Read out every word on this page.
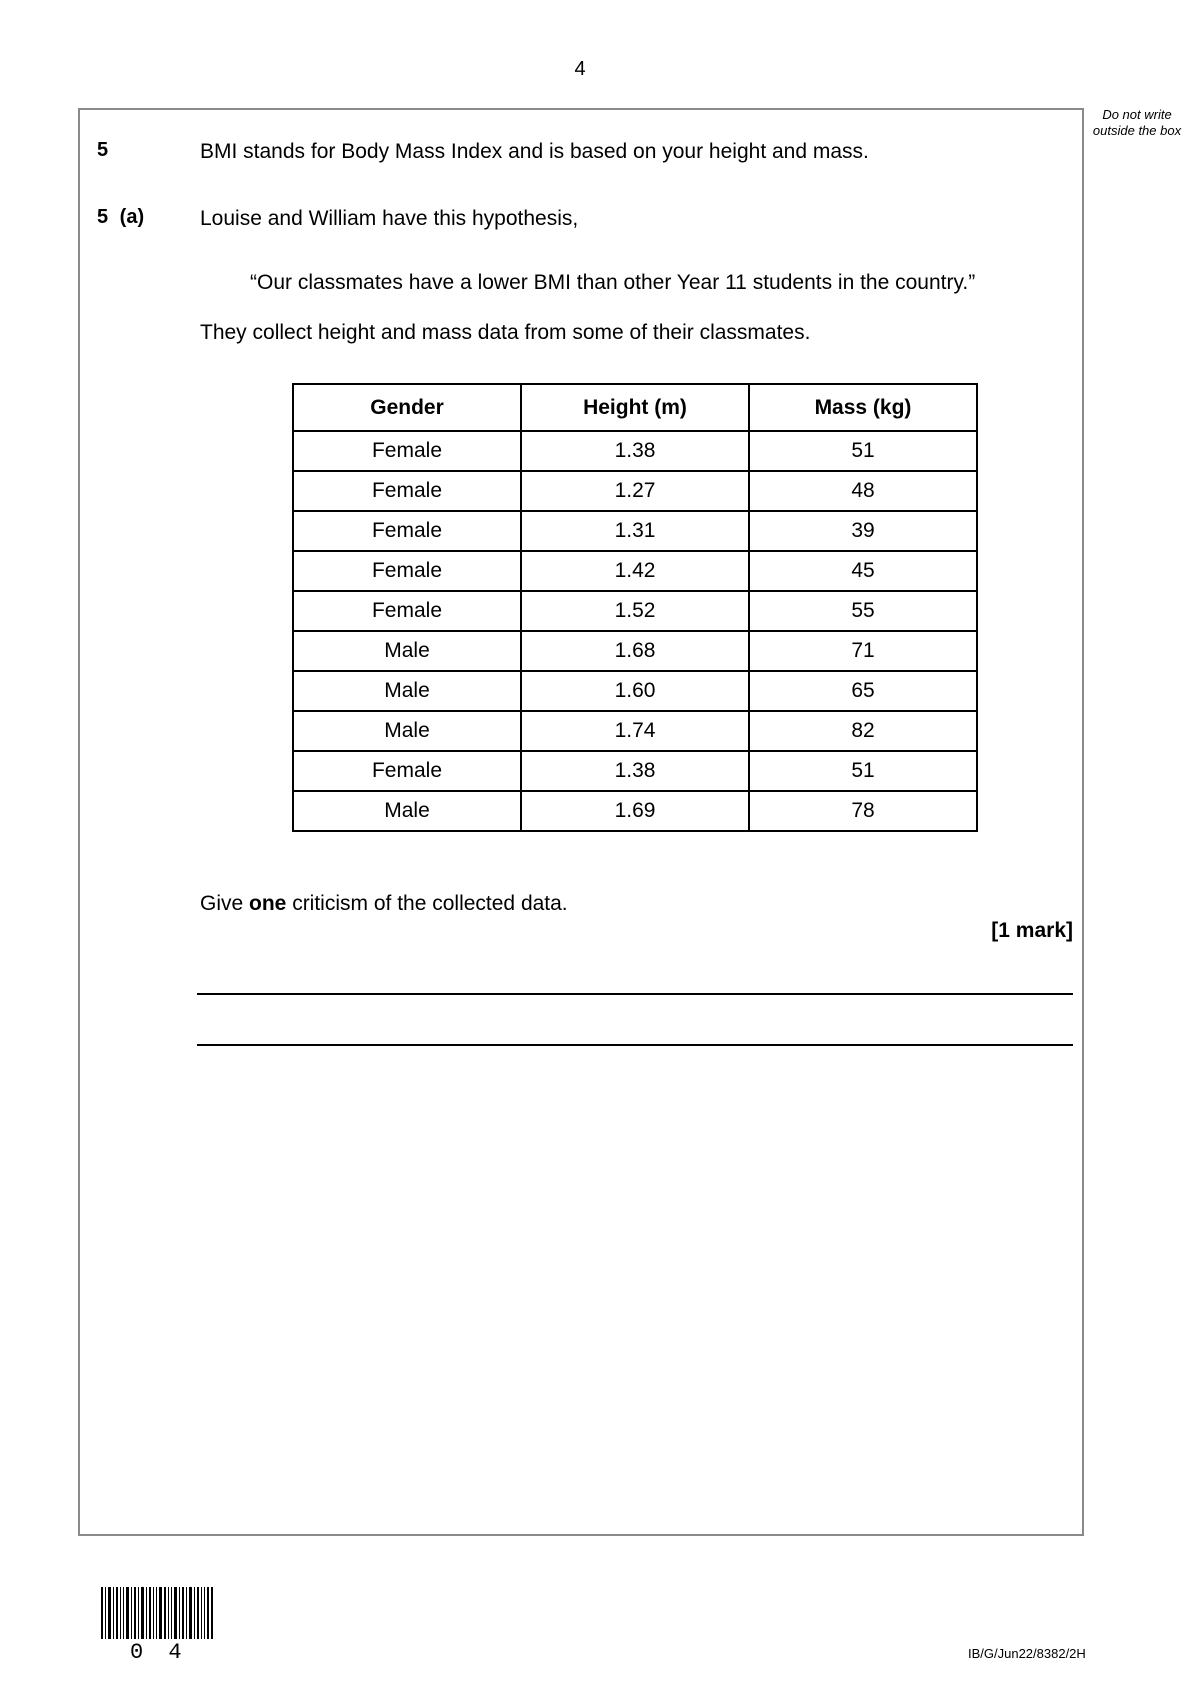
4
Do not write outside the box
5	BMI stands for Body Mass Index and is based on your height and mass.
5 (a)	Louise and William have this hypothesis,
“Our classmates have a lower BMI than other Year 11 students in the country.”
They collect height and mass data from some of their classmates.
Gender	Height (m)	Mass (kg)
Female	1.38	51
Female	1.27	48
Female	1.31	39
Female	1.42	45
Female	1.52	55
Male	1.68	71
Male	1.60	65
Male	1.74	82
Female	1.38	51
Male	1.69	78
Give one criticism of the collected data.
[1 mark]
0 4	IB/G/Jun22/8382/2H
